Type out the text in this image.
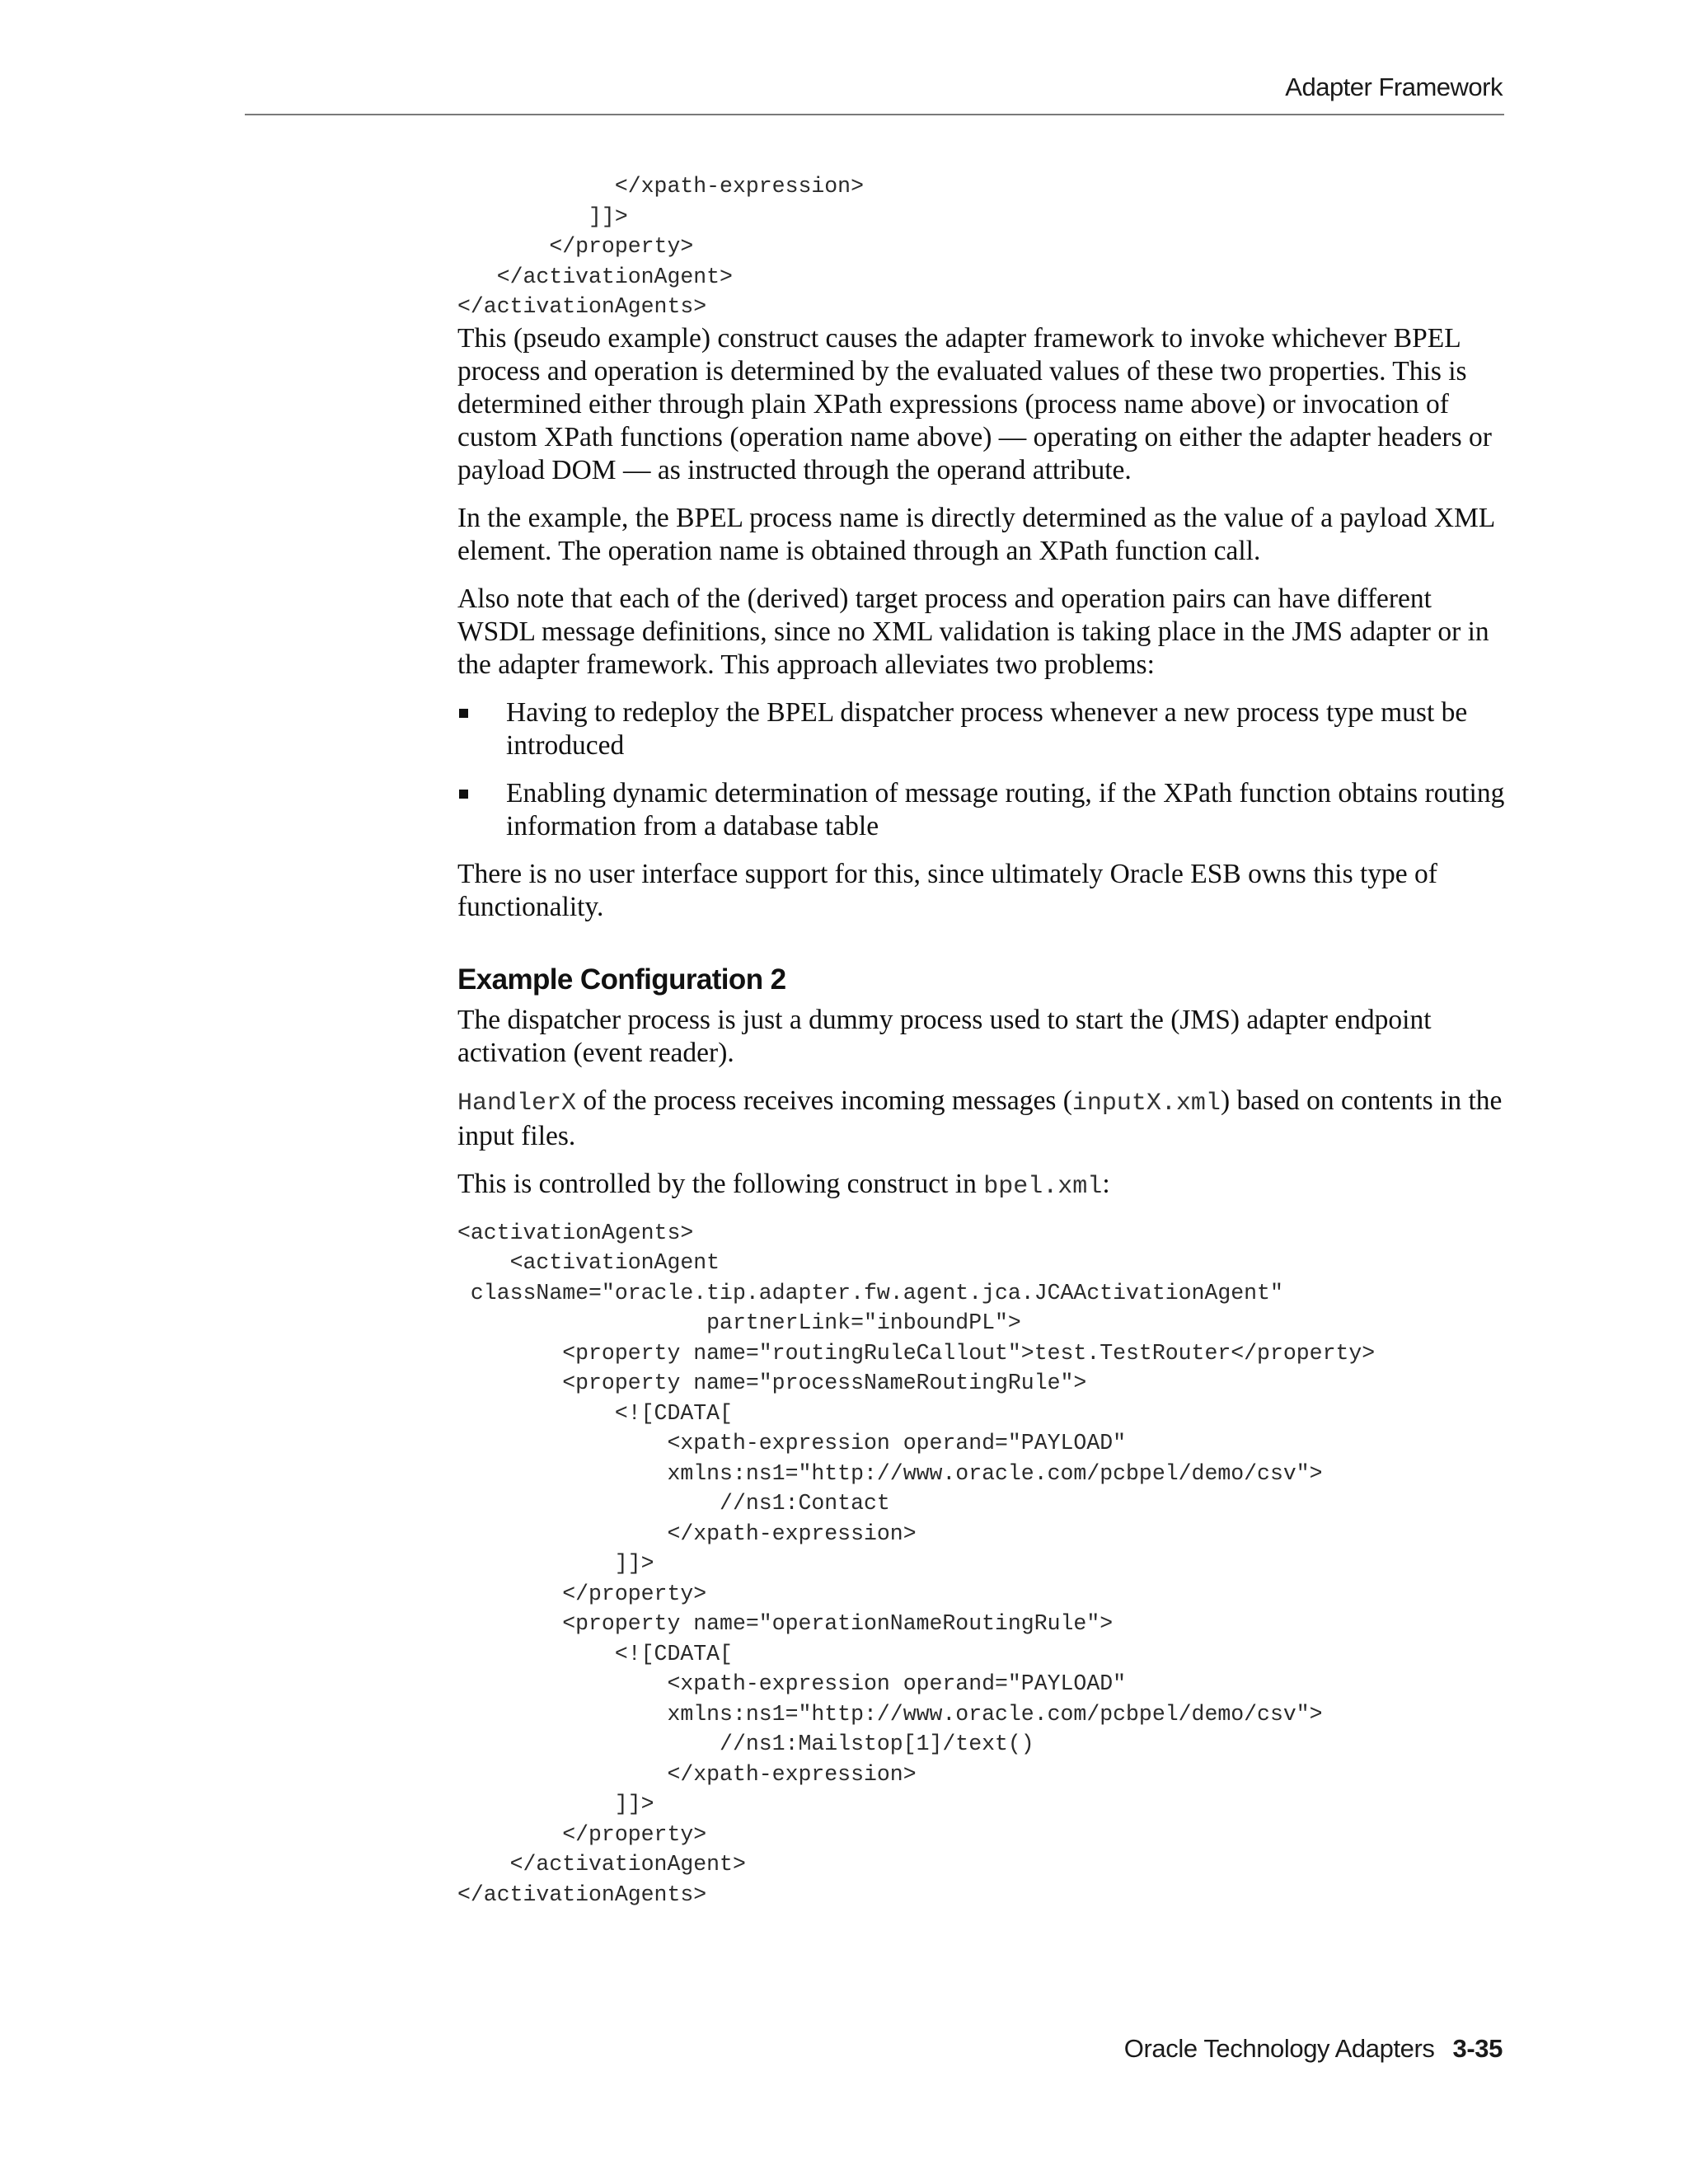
Adapter Framework
</xpath-expression>
]]>
</property>
</activationAgent>
</activationAgents>

This (pseudo example) construct causes the adapter framework to invoke whichever BPEL process and operation is determined by the evaluated values of these two properties. This is determined either through plain XPath expressions (process name above) or invocation of custom XPath functions (operation name above) — operating on either the adapter headers or payload DOM — as instructed through the operand attribute.

In the example, the BPEL process name is directly determined as the value of a payload XML element. The operation name is obtained through an XPath function call.

Also note that each of the (derived) target process and operation pairs can have different WSDL message definitions, since no XML validation is taking place in the JMS adapter or in the adapter framework. This approach alleviates two problems:

Having to redeploy the BPEL dispatcher process whenever a new process type must be introduced
Enabling dynamic determination of message routing, if the XPath function obtains routing information from a database table

There is no user interface support for this, since ultimately Oracle ESB owns this type of functionality.

Example Configuration 2

The dispatcher process is just a dummy process used to start the (JMS) adapter endpoint activation (event reader).

HandlerX of the process receives incoming messages (inputX.xml) based on contents in the input files.

This is controlled by the following construct in bpel.xml:

<activationAgents>
<activationAgent
className="oracle.tip.adapter.fw.agent.jca.JCAActivationAgent"
partnerLink="inboundPL">
<property name="routingRuleCallout">test.TestRouter</property>
<property name="processNameRoutingRule">
<![CDATA[
<xpath-expression operand="PAYLOAD"
xmlns:ns1="http://www.oracle.com/pcbpel/demo/csv">
//ns1:Contact
</xpath-expression>
]]>
</property>
<property name="operationNameRoutingRule">
<![CDATA[
<xpath-expression operand="PAYLOAD"
xmlns:ns1="http://www.oracle.com/pcbpel/demo/csv">
//ns1:Mailstop[1]/text()
</xpath-expression>
]]>
</property>
</activationAgent>
</activationAgents>
Oracle Technology Adapters 3-35
